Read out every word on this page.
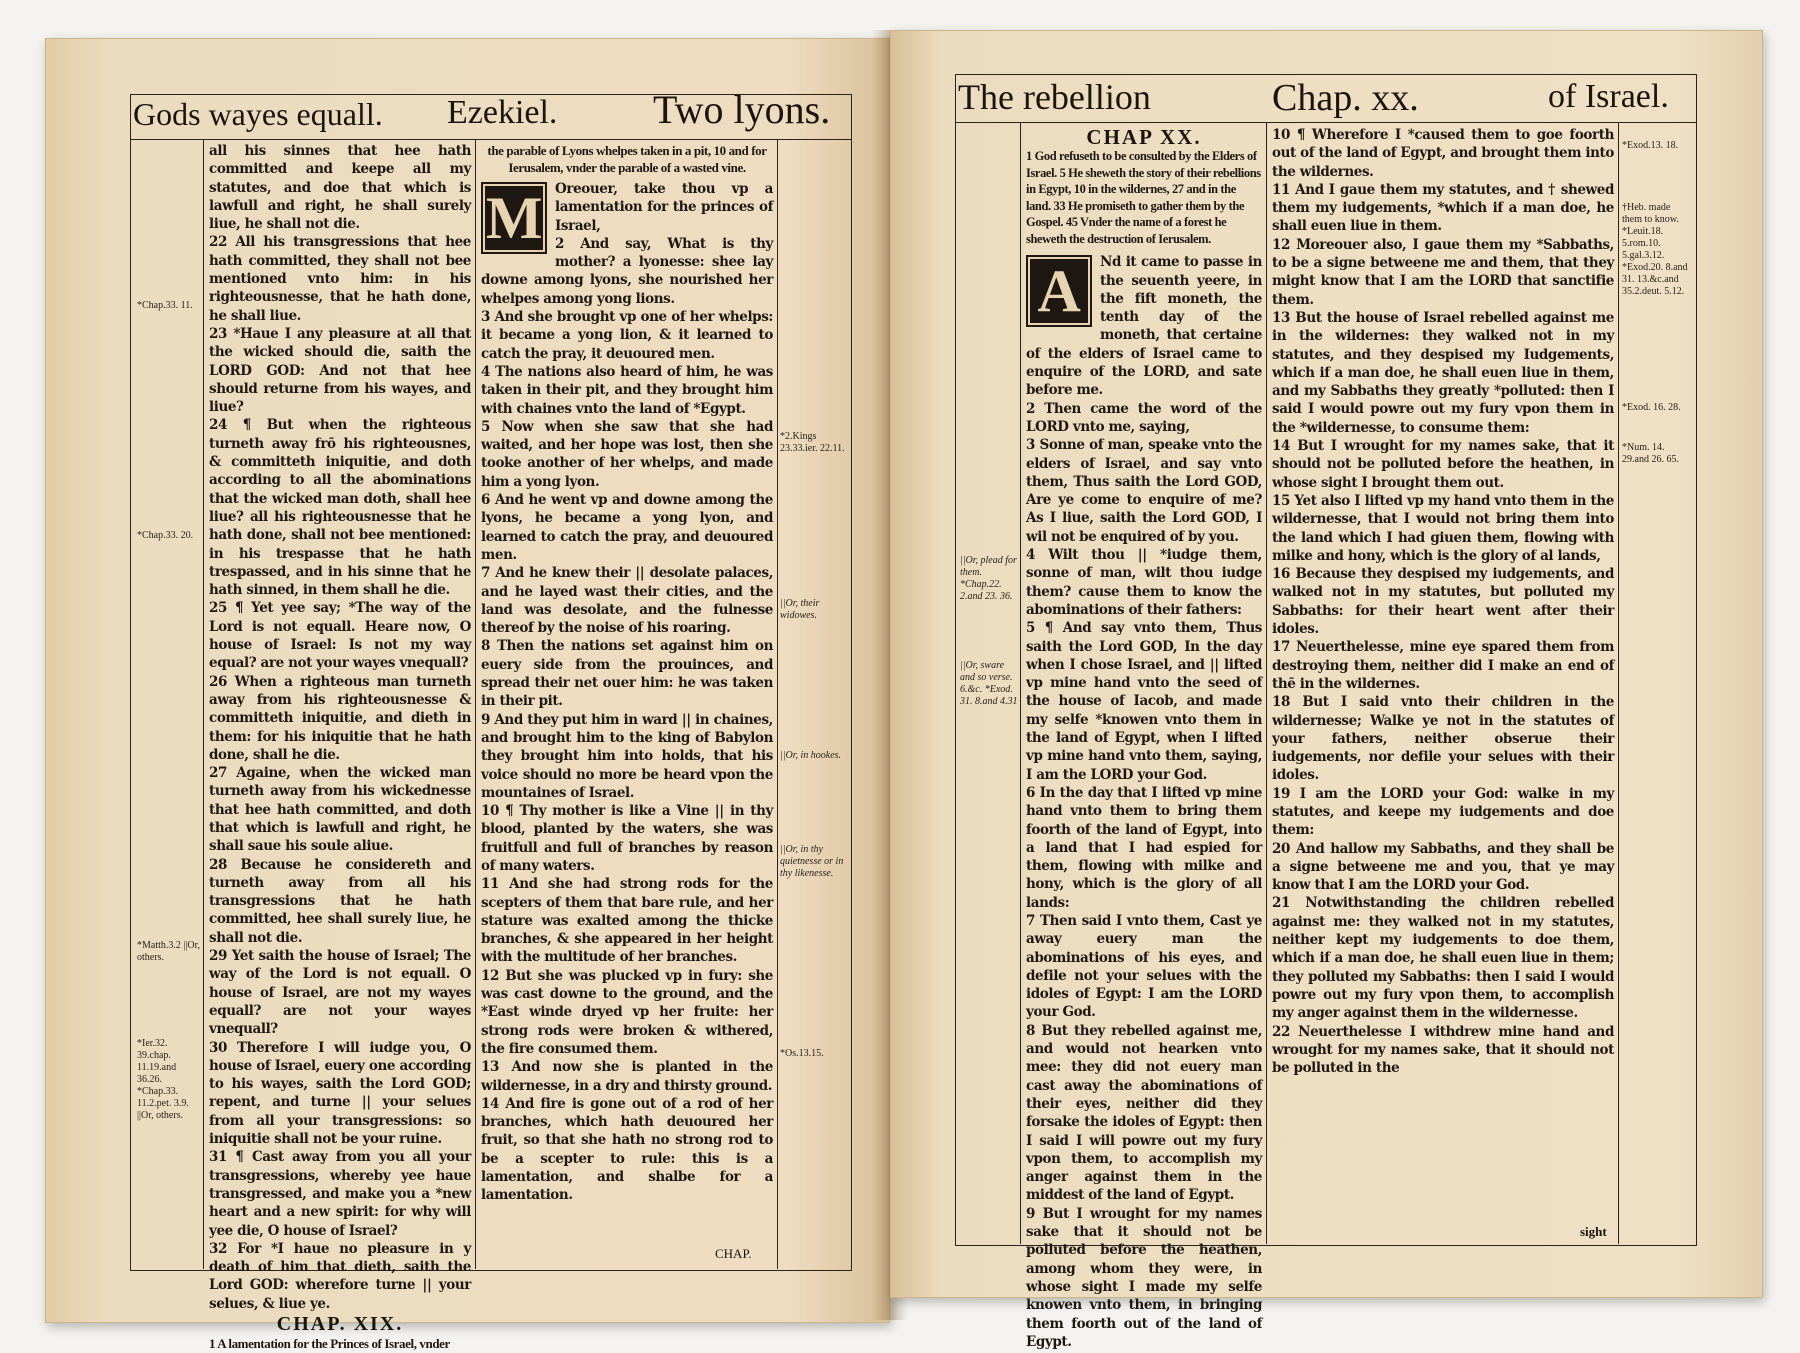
Gods wayes equall. Ezekiel. Two lyons.
*Chap.33. 11.
*Chap.33. 20.
*Matth.3.2 ||Or, others.
*Ier.32. 39.chap. 11.19.and 36.26. *Chap.33. 11.2.pet. 3.9. ||Or, others.
*2.Kings 23.33.ier. 22.11.
||Or, their widowes.
||Or, in hookes.
||Or, in thy quietnesse or in thy likenesse.
*Os.13.15.

all his sinnes that hee hath committed and keepe all my statutes, and doe that which is lawfull and right, he shall surely liue, he shall not die.

22 All his transgressions that hee hath committed, they shall not bee mentioned vnto him: in his righteousnesse, that he hath done, he shall liue.

23 *Haue I any pleasure at all that the wicked should die, saith the LORD GOD: And not that hee should returne from his wayes, and liue?

24 ¶ But when the righteous turneth away frō his righteousnes, & committeth iniquitie, and doth according to all the abominations that the wicked man doth, shall hee liue? all his righteousnesse that he hath done, shall not bee mentioned: in his trespasse that he hath trespassed, and in his sinne that he hath sinned, in them shall he die.

25 ¶ Yet yee say; *The way of the Lord is not equall. Heare now, O house of Israel: Is not my way equal? are not your wayes vnequall?

26 When a righteous man turneth away from his righteousnesse & committeth iniquitie, and dieth in them: for his iniquitie that he hath done, shall he die.

27 Againe, when the wicked man turneth away from his wickednesse that hee hath committed, and doth that which is lawfull and right, he shall saue his soule aliue.

28 Because he considereth and turneth away from all his transgressions that he hath committed, hee shall surely liue, he shall not die.

29 Yet saith the house of Israel; The way of the Lord is not equall. O house of Israel, are not my wayes equall? are not your wayes vnequall?

30 Therefore I will iudge you, O house of Israel, euery one according to his wayes, saith the Lord GOD; repent, and turne || your selues from all your transgressions: so iniquitie shall not be your ruine.

31 ¶ Cast away from you all your transgressions, whereby yee haue transgressed, and make you a *new heart and a new spirit: for why will yee die, O house of Israel?

32 For *I haue no pleasure in y death of him that dieth, saith the Lord GOD: wherefore turne || your selues, & liue ye.

CHAP. XIX.
1 A lamentation for the Princes of Israel, vnder
the parable of Lyons whelpes taken in a pit, 10 and for Ierusalem, vnder the parable of a wasted vine.
M Oreouer, take thou vp a lamentation for the princes of Israel,

2 And say, What is thy mother? a lyonesse: shee lay downe among lyons, she nourished her whelpes among yong lions.

3 And she brought vp one of her whelps: it became a yong lion, & it learned to catch the pray, it deuoured men.

4 The nations also heard of him, he was taken in their pit, and they brought him with chaines vnto the land of *Egypt.

5 Now when she saw that she had waited, and her hope was lost, then she tooke another of her whelps, and made him a yong lyon.

6 And he went vp and downe among the lyons, he became a yong lyon, and learned to catch the pray, and deuoured men.

7 And he knew their || desolate palaces, and he layed wast their cities, and the land was desolate, and the fulnesse thereof by the noise of his roaring.

8 Then the nations set against him on euery side from the prouinces, and spread their net ouer him: he was taken in their pit.

9 And they put him in ward || in chaines, and brought him to the king of Babylon they brought him into holds, that his voice should no more be heard vpon the mountaines of Israel.

10 ¶ Thy mother is like a Vine || in thy blood, planted by the waters, she was fruitfull and full of branches by reason of many waters.

11 And she had strong rods for the scepters of them that bare rule, and her stature was exalted among the thicke branches, & she appeared in her height with the multitude of her branches.

12 But she was plucked vp in fury: she was cast downe to the ground, and the *East winde dryed vp her fruite: her strong rods were broken & withered, the fire consumed them.

13 And now she is planted in the wildernesse, in a dry and thirsty ground.

14 And fire is gone out of a rod of her branches, which hath deuoured her fruit, so that she hath no strong rod to be a scepter to rule: this is a lamentation, and shalbe for a lamentation.

CHAP.
The rebellion	Chap. xx.	of Israel.
||Or, plead for them. *Chap.22. 2.and 23. 36.
||Or, sware and so verse. 6.&c. *Exod. 31. 8.and 4.31
*Exod.13. 18.
†Heb. made them to know. *Leuit.18. 5.rom.10. 5.gal.3.12. *Exod.20. 8.and 31. 13.&c.and 35.2.deut. 5.12.
*Exod. 16. 28.
*Num. 14. 29.and 26. 65.
CHAP XX.
1 God refuseth to be consulted by the Elders of Israel. 5 He sheweth the story of their rebellions in Egypt, 10 in the wildernes, 27 and in the land. 33 He promiseth to gather them by the Gospel. 45 Vnder the name of a forest he sheweth the destruction of Ierusalem.
A	Nd it came to passe in the seuenth yeere, in the fift moneth, the tenth day of the moneth, that certaine of the elders of Israel came to enquire of the LORD, and sate before me.

2 Then came the word of the LORD vnto me, saying,

3 Sonne of man, speake vnto the elders of Israel, and say vnto them, Thus saith the Lord GOD, Are ye come to enquire of me? As I liue, saith the Lord GOD, I wil not be enquired of by you.

4 Wilt thou || *iudge them, sonne of man, wilt thou iudge them? cause them to know the abominations of their fathers:

5 ¶ And say vnto them, Thus saith the Lord GOD, In the day when I chose Israel, and || lifted vp mine hand vnto the seed of the house of Iacob, and made my selfe *knowen vnto them in the land of Egypt, when I lifted vp mine hand vnto them, saying, I am the LORD your God.

6 In the day that I lifted vp mine hand vnto them to bring them foorth of the land of Egypt, into a land that I had espied for them, flowing with milke and hony, which is the glory of all lands:

7 Then said I vnto them, Cast ye away euery man the abominations of his eyes, and defile not your selues with the idoles of Egypt: I am the LORD your God.

8 But they rebelled against me, and would not hearken vnto mee: they did not euery man cast away the abominations of their eyes, neither did they forsake the idoles of Egypt: then I said I will powre out my fury vpon them, to accomplish my anger against them in the middest of the land of Egypt.

9 But I wrought for my names sake that it should not be polluted before the heathen, among whom they were, in whose sight I made my selfe knowen vnto them, in bringing them foorth out of the land of Egypt.

10 ¶ Wherefore I *caused them to goe foorth out of the land of Egypt, and brought them into the wildernes.

11 And I gaue them my statutes, and † shewed them my iudgements, *which if a man doe, he shall euen liue in them.

12 Moreouer also, I gaue them my *Sabbaths, to be a signe betweene me and them, that they might know that I am the LORD that sanctifie them.

13 But the house of Israel rebelled against me in the wildernes: they walked not in my statutes, and they despised my Iudgements, which if a man doe, he shall euen liue in them, and my Sabbaths they greatly *polluted: then I said I would powre out my fury vpon them in the *wildernesse, to consume them:

14 But I wrought for my names sake, that it should not be polluted before the heathen, in whose sight I brought them out.

15 Yet also I lifted vp my hand vnto them in the wildernesse, that I would not bring them into the land which I had giuen them, flowing with milke and hony, which is the glory of al lands,

16 Because they despised my iudgements, and walked not in my statutes, but polluted my Sabbaths: for their heart went after their idoles.

17 Neuerthelesse, mine eye spared them from destroying them, neither did I make an end of thē in the wildernes.

18 But I said vnto their children in the wildernesse; Walke ye not in the statutes of your fathers, neither obserue their iudgements, nor defile your selues with their idoles.

19 I am the LORD your God: walke in my statutes, and keepe my iudgements and doe them:

20 And hallow my Sabbaths, and they shall be a signe betweene me and you, that ye may know that I am the LORD your God.

21 Notwithstanding the children rebelled against me: they walked not in my statutes, neither kept my iudgements to doe them, which if a man doe, he shall euen liue in them; they polluted my Sabbaths: then I said I would powre out my fury vpon them, to accomplish my anger against them in the wildernesse.

22 Neuerthelesse I withdrew mine hand and wrought for my names sake, that it should not be polluted in the

sight
